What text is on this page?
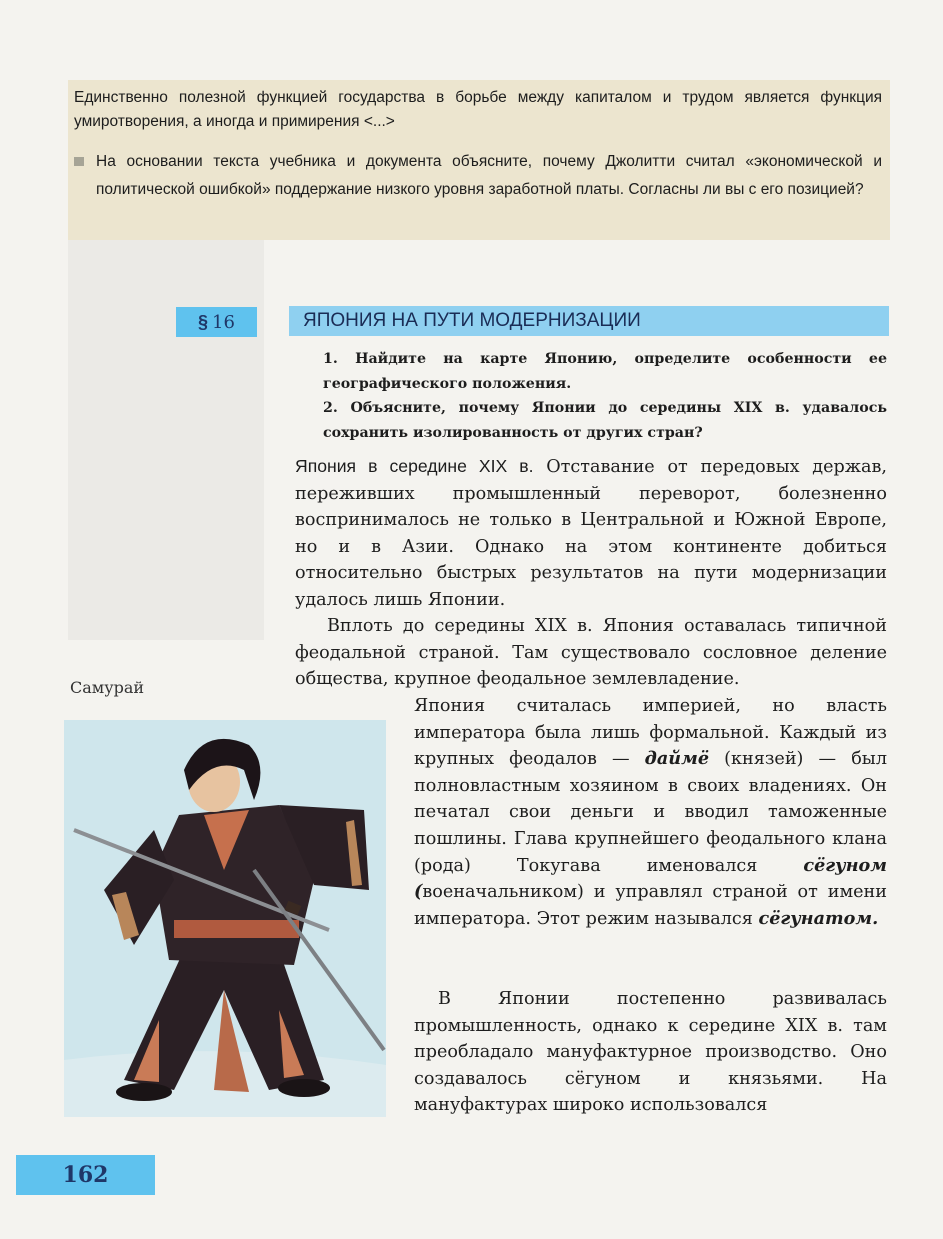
Единственно полезной функцией государства в борьбе между капиталом и трудом является функция умиротворения, а иногда и примирения <...>

На основании текста учебника и документа объясните, почему Джолитти считал «экономической и политической ошибкой» поддержание низкого уровня заработной платы. Согласны ли вы с его позицией?

§ 16	ЯПОНИЯ НА ПУТИ МОДЕРНИЗАЦИИ
1. Найдите на карте Японию, определите особенности ее географического положения.
2. Объясните, почему Японии до середины XIX в. удавалось сохранить изолированность от других стран?

Япония в середине XIX в. Отставание от передовых держав, переживших промышленный переворот, болезненно воспринималось не только в Центральной и Южной Европе, но и в Азии. Однако на этом континенте добиться относительно быстрых результатов на пути модернизации удалось лишь Японии.

Вплоть до середины XIX в. Япония оставалась типичной феодальной страной. Там существовало сословное деление общества, крупное феодальное землевладение.

Япония считалась империей, но власть императора была лишь формальной. Каждый из крупных феодалов — даймё (князей) — был полновластным хозяином в своих владениях. Он печатал свои деньги и вводил таможенные пошлины. Глава крупнейшего феодального клана (рода) Токугава именовался сёгуном (военачальником) и управлял страной от имени императора. Этот режим назывался сёгунатом.

В Японии постепенно развивалась промышленность, однако к середине XIX в. там преобладало мануфактурное производство. Оно создавалось сёгуном и князьями. На мануфактурах широко использовался

Самурай
162
